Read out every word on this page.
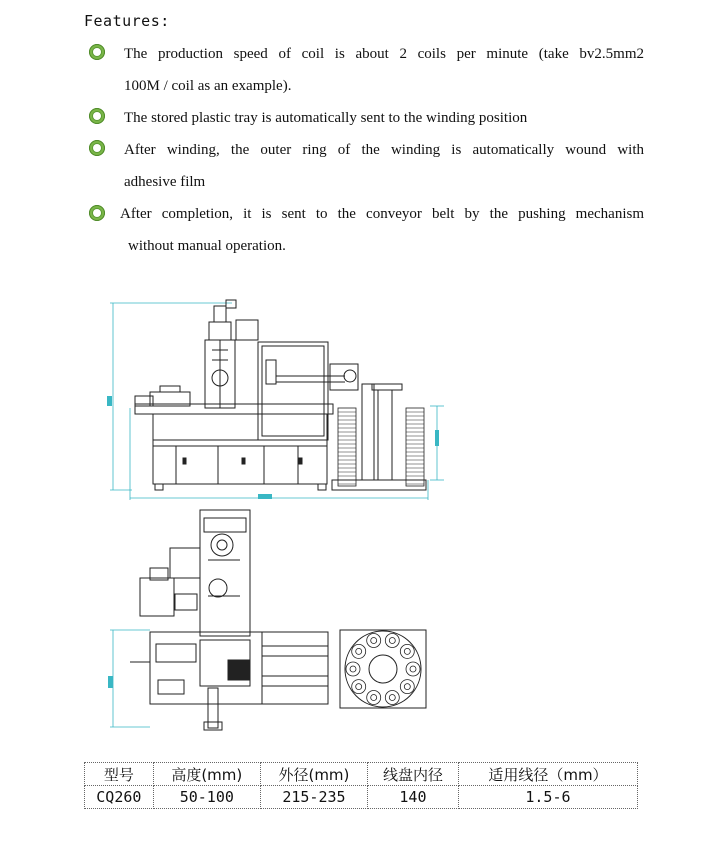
Features:
The production speed of coil is about 2 coils per minute (take bv2.5mm2
100M / coil as an example).
The stored plastic tray is automatically sent to the winding position
After winding, the outer ring of the winding is automatically wound with
adhesive film
After completion, it is sent to the conveyor belt by the pushing mechanism
without manual operation.
型号	高度(mm)	外径(mm)	线盘内径	适用线径（mm）
CQ260	50-100	215-235	140	1.5-6
